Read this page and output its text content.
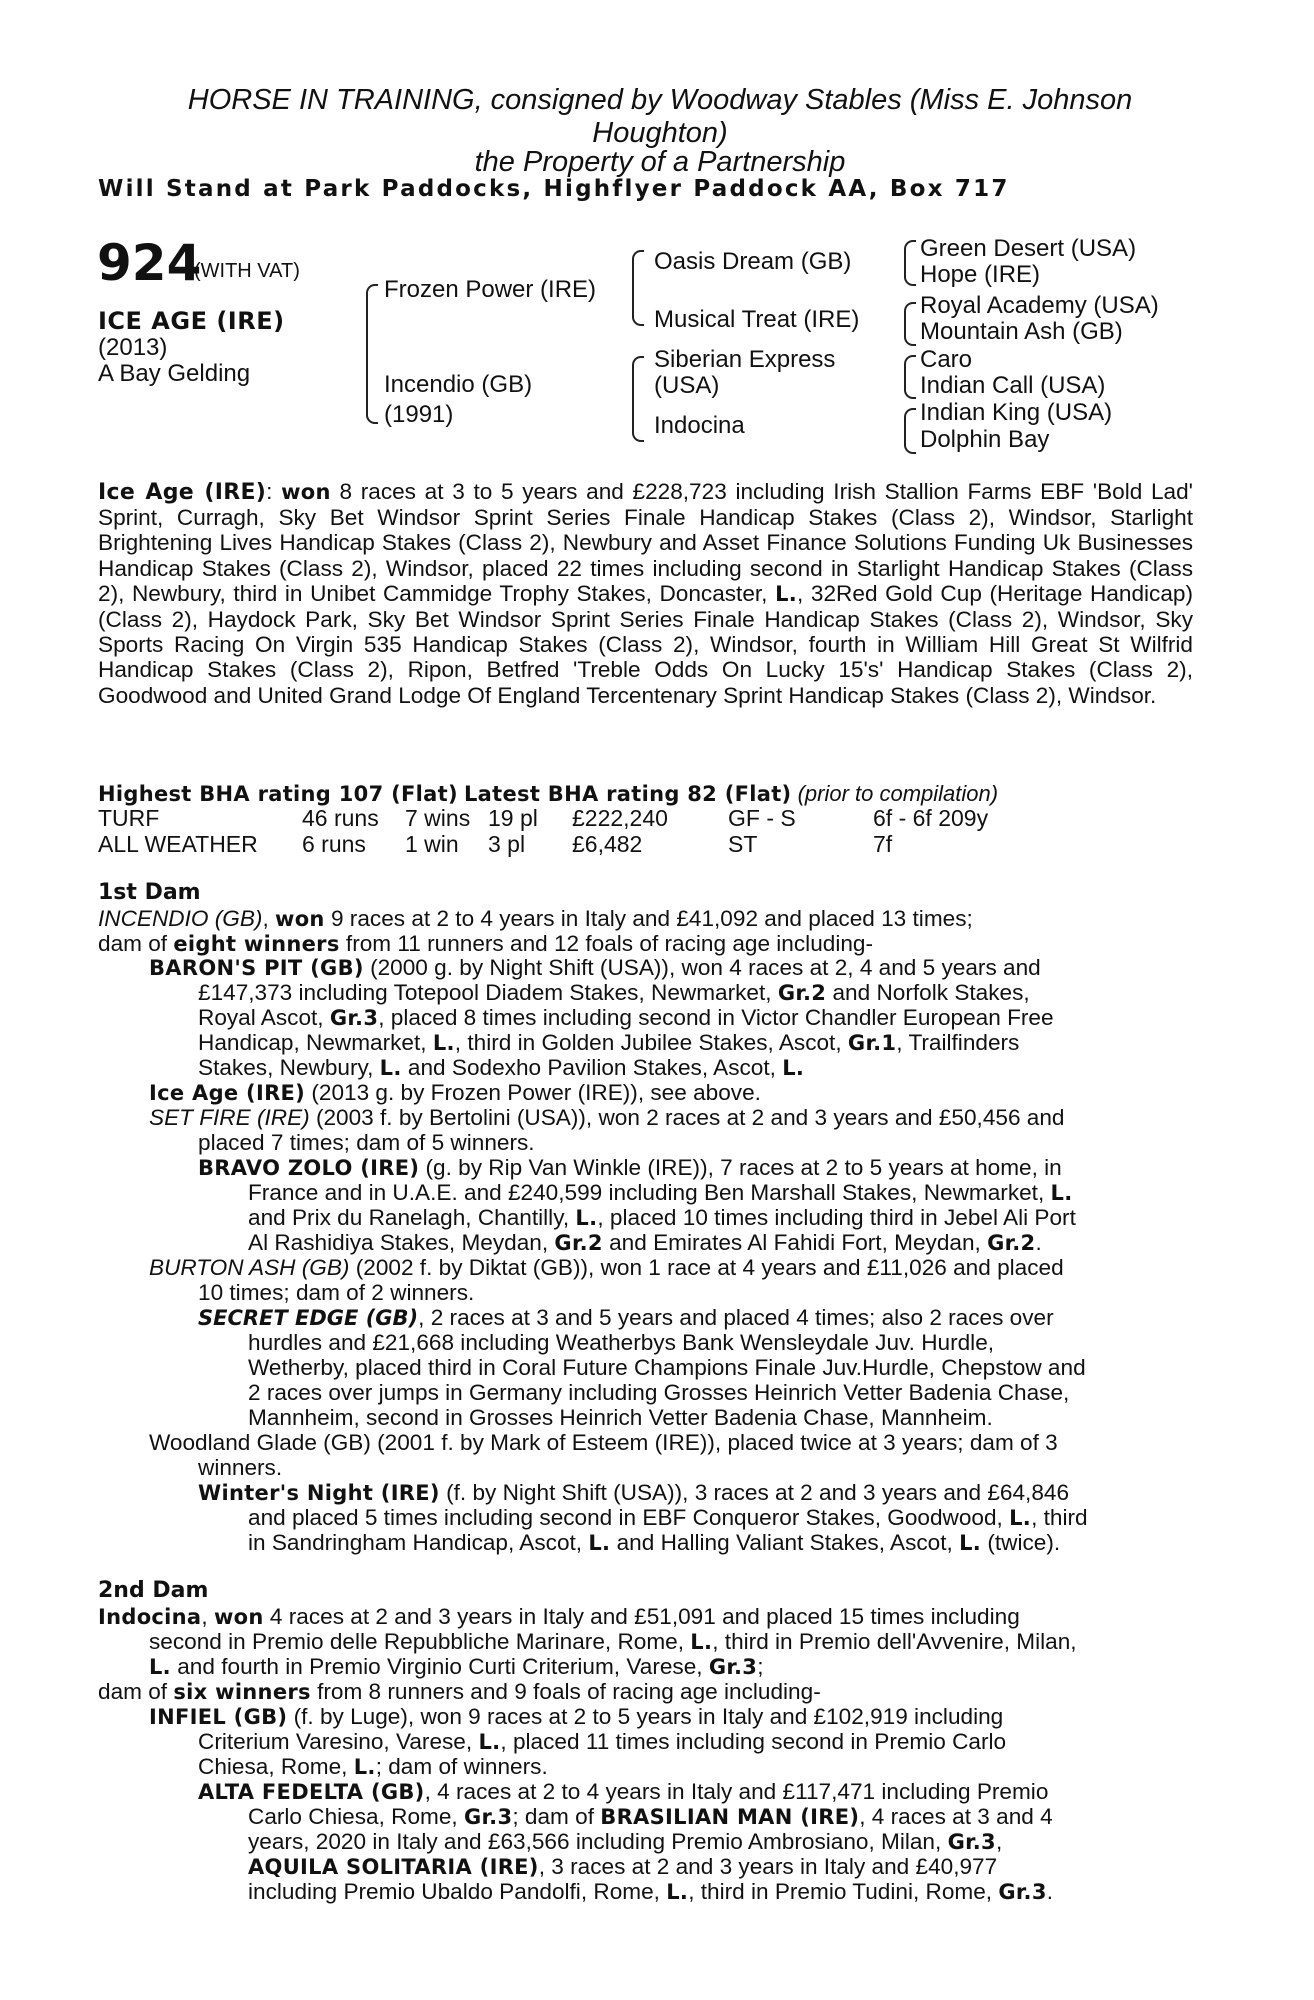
HORSE IN TRAINING, consigned by Woodway Stables (Miss E. Johnson
Houghton)
the Property of a Partnership
Will Stand at Park Paddocks, Highflyer Paddock AA, Box 717
924
(WITH VAT)
ICE AGE (IRE)
(2013)
A Bay Gelding
Frozen Power (IRE)
Incendio (GB)
(1991)
Oasis Dream (GB)
Musical Treat (IRE)
Siberian Express
(USA)
Indocina
Green Desert (USA)
Hope (IRE)
Royal Academy (USA)
Mountain Ash (GB)
Caro
Indian Call (USA)
Indian King (USA)
Dolphin Bay
Ice Age (IRE): won 8 races at 3 to 5 years and £228,723 including Irish Stallion Farms EBF 'Bold Lad' Sprint, Curragh, Sky Bet Windsor Sprint Series Finale Handicap Stakes (Class 2), Windsor, Starlight Brightening Lives Handicap Stakes (Class 2), Newbury and Asset Finance Solutions Funding Uk Businesses Handicap Stakes (Class 2), Windsor, placed 22 times including second in Starlight Handicap Stakes (Class 2), Newbury, third in Unibet Cammidge Trophy Stakes, Doncaster, L., 32Red Gold Cup (Heritage Handicap) (Class 2), Haydock Park, Sky Bet Windsor Sprint Series Finale Handicap Stakes (Class 2), Windsor, Sky Sports Racing On Virgin 535 Handicap Stakes (Class 2), Windsor, fourth in William Hill Great St Wilfrid Handicap Stakes (Class 2), Ripon, Betfred 'Treble Odds On Lucky 15's' Handicap Stakes (Class 2), Goodwood and United Grand Lodge Of England Tercentenary Sprint Handicap Stakes (Class 2), Windsor.
Highest BHA rating 107 (Flat) Latest BHA rating 82 (Flat) (prior to compilation)
TURF	46 runs 7 wins 19 pl £222,240	GF - S	6f - 6f 209y
ALL WEATHER 6 runs 1 win 3 pl £6,482	ST	7f
1st Dam
INCENDIO (GB), won 9 races at 2 to 4 years in Italy and £41,092 and placed 13 times;
dam of eight winners from 11 runners and 12 foals of racing age including-
BARON'S PIT (GB) (2000 g. by Night Shift (USA)), won 4 races at 2, 4 and 5 years and
£147,373 including Totepool Diadem Stakes, Newmarket, Gr.2 and Norfolk Stakes,
Royal Ascot, Gr.3, placed 8 times including second in Victor Chandler European Free
Handicap, Newmarket, L., third in Golden Jubilee Stakes, Ascot, Gr.1, Trailfinders
Stakes, Newbury, L. and Sodexho Pavilion Stakes, Ascot, L.
Ice Age (IRE) (2013 g. by Frozen Power (IRE)), see above.
SET FIRE (IRE) (2003 f. by Bertolini (USA)), won 2 races at 2 and 3 years and £50,456 and
placed 7 times; dam of 5 winners.
BRAVO ZOLO (IRE) (g. by Rip Van Winkle (IRE)), 7 races at 2 to 5 years at home, in
France and in U.A.E. and £240,599 including Ben Marshall Stakes, Newmarket, L.
and Prix du Ranelagh, Chantilly, L., placed 10 times including third in Jebel Ali Port
Al Rashidiya Stakes, Meydan, Gr.2 and Emirates Al Fahidi Fort, Meydan, Gr.2.
BURTON ASH (GB) (2002 f. by Diktat (GB)), won 1 race at 4 years and £11,026 and placed
10 times; dam of 2 winners.
SECRET EDGE (GB), 2 races at 3 and 5 years and placed 4 times; also 2 races over
hurdles and £21,668 including Weatherbys Bank Wensleydale Juv. Hurdle,
Wetherby, placed third in Coral Future Champions Finale Juv.Hurdle, Chepstow and
2 races over jumps in Germany including Grosses Heinrich Vetter Badenia Chase,
Mannheim, second in Grosses Heinrich Vetter Badenia Chase, Mannheim.
Woodland Glade (GB) (2001 f. by Mark of Esteem (IRE)), placed twice at 3 years; dam of 3
winners.
Winter's Night (IRE) (f. by Night Shift (USA)), 3 races at 2 and 3 years and £64,846
and placed 5 times including second in EBF Conqueror Stakes, Goodwood, L., third
in Sandringham Handicap, Ascot, L. and Halling Valiant Stakes, Ascot, L. (twice).
2nd Dam
Indocina, won 4 races at 2 and 3 years in Italy and £51,091 and placed 15 times including
second in Premio delle Repubbliche Marinare, Rome, L., third in Premio dell'Avvenire, Milan,
L. and fourth in Premio Virginio Curti Criterium, Varese, Gr.3;
dam of six winners from 8 runners and 9 foals of racing age including-
INFIEL (GB) (f. by Luge), won 9 races at 2 to 5 years in Italy and £102,919 including
Criterium Varesino, Varese, L., placed 11 times including second in Premio Carlo
Chiesa, Rome, L.; dam of winners.
ALTA FEDELTA (GB), 4 races at 2 to 4 years in Italy and £117,471 including Premio
Carlo Chiesa, Rome, Gr.3; dam of BRASILIAN MAN (IRE), 4 races at 3 and 4
years, 2020 in Italy and £63,566 including Premio Ambrosiano, Milan, Gr.3,
AQUILA SOLITARIA (IRE), 3 races at 2 and 3 years in Italy and £40,977
including Premio Ubaldo Pandolfi, Rome, L., third in Premio Tudini, Rome, Gr.3.
